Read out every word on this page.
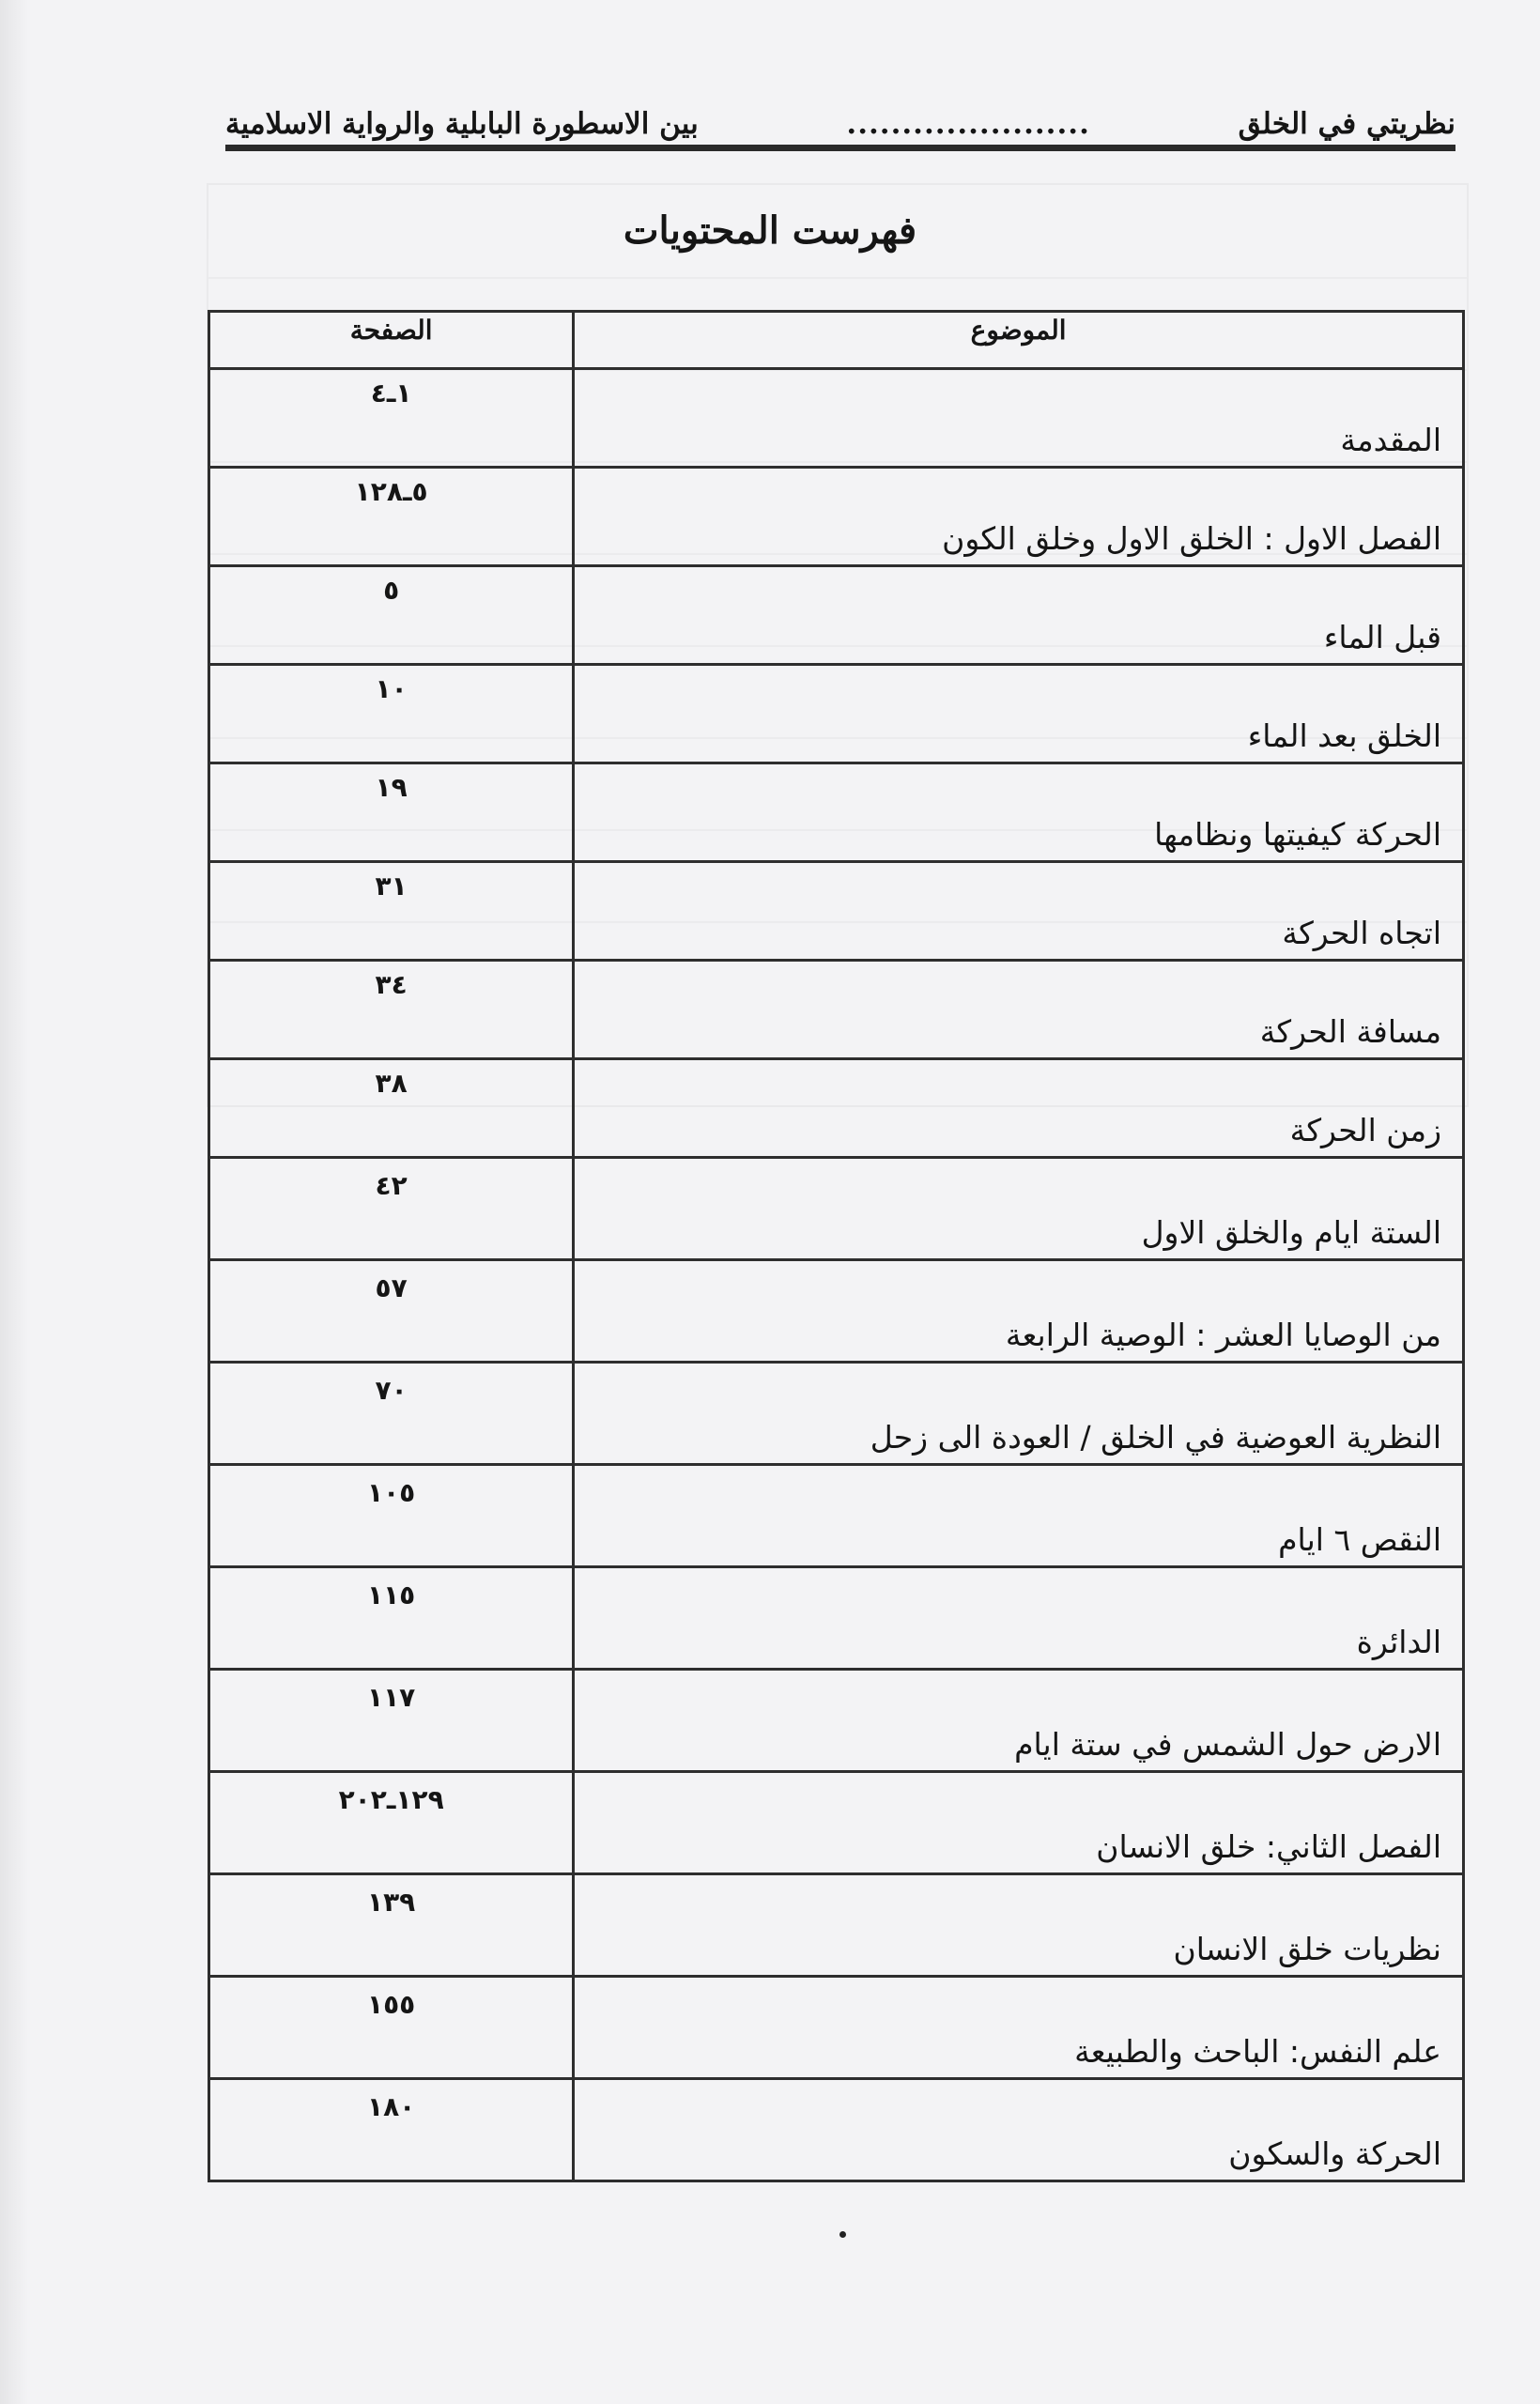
نظريتي في الخلق
......................
بين الاسطورة البابلية والرواية الاسلامية
فهرست المحتويات
الموضوع	الصفحة
المقدمة	١ـ٤
الفصل الاول : الخلق الاول وخلق الكون	٥ـ١٢٨
قبل الماء	٥
الخلق بعد الماء	١٠
الحركة كيفيتها ونظامها	١٩
اتجاه الحركة	٣١
مسافة الحركة	٣٤
زمن الحركة	٣٨
الستة ايام والخلق الاول	٤٢
من الوصايا العشر : الوصية الرابعة	٥٧
النظرية العوضية في الخلق / العودة الى زحل	٧٠
النقص ٦ ايام	١٠٥
الدائرة	١١٥
الارض حول الشمس في ستة ايام	١١٧
الفصل الثاني: خلق الانسان	١٢٩ـ٢٠٢
نظريات خلق الانسان	١٣٩
علم النفس: الباحث والطبيعة	١٥٥
الحركة والسكون	١٨٠
